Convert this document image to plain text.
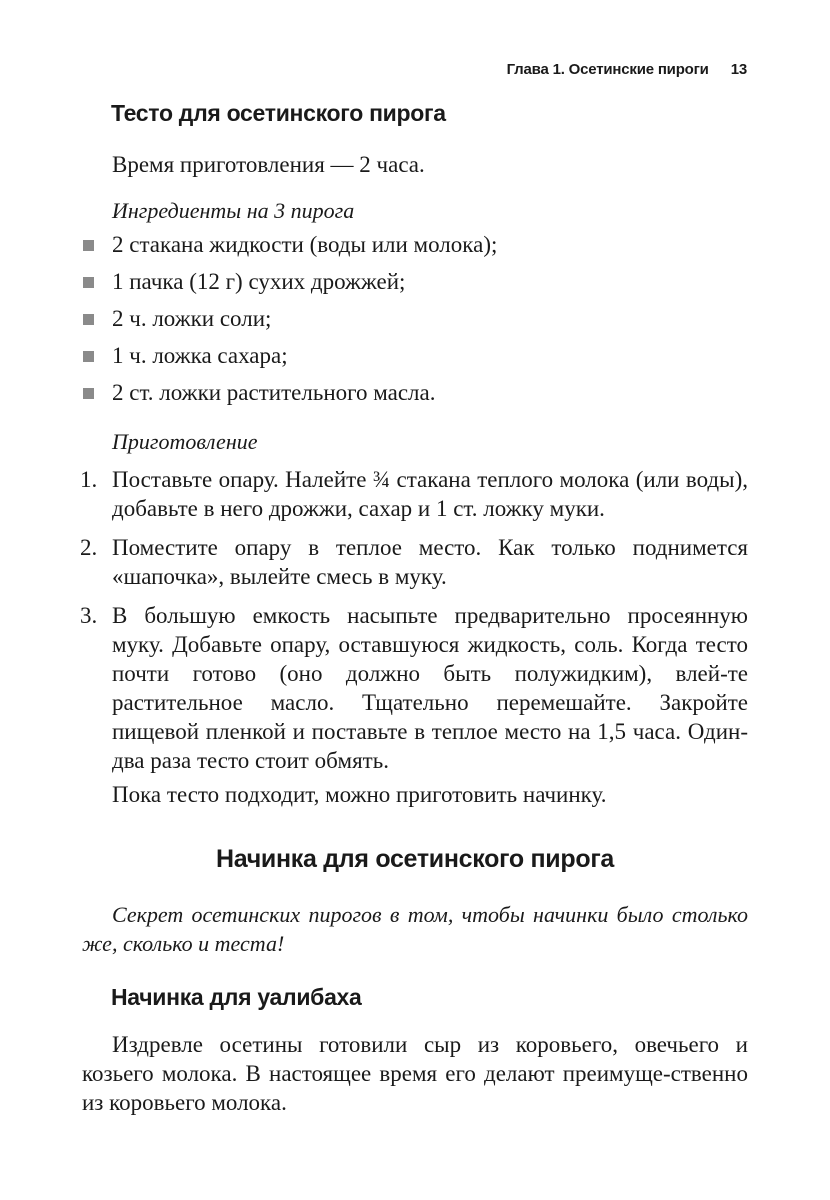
Глава 1. Осетинские пироги 13
Тесто для осетинского пирога

Время приготовления — 2 часа.

Ингредиенты на 3 пирога

2 стакана жидкости (воды или молока);
1 пачка (12 г) сухих дрожжей;
2 ч. ложки соли;
1 ч. ложка сахара;
2 ст. ложки растительного масла.

Приготовление

1. Поставьте опару. Налейте ¾ стакана теплого молока (или воды), добавьте в него дрожжи, сахар и 1 ст. ложку муки.
2. Поместите опару в теплое место. Как только поднимется «шапочка», вылейте смесь в муку.
3. В большую емкость насыпьте предварительно просеянную муку. Добавьте опару, оставшуюся жидкость, соль. Когда тесто почти готово (оно должно быть полужидким), влей-те растительное масло. Тщательно перемешайте. Закройте пищевой пленкой и поставьте в теплое место на 1,5 часа. Один-два раза тесто стоит обмять.

Пока тесто подходит, можно приготовить начинку.

Начинка для осетинского пирога

Секрет осетинских пирогов в том, чтобы начинки было столько же, сколько и теста!

Начинка для уалибаха

Издревле осетины готовили сыр из коровьего, овечьего и козьего молока. В настоящее время его делают преимуще-ственно из коровьего молока.
